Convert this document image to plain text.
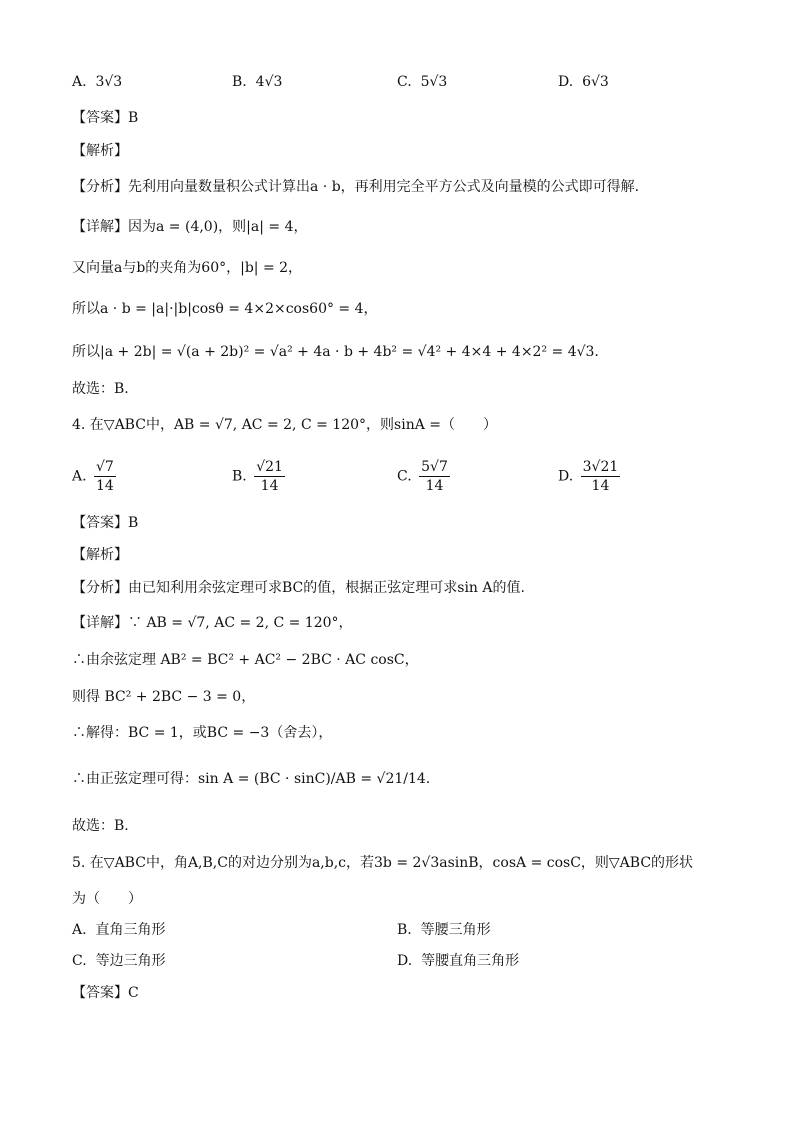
A. 3√3	B. 4√3	C. 5√3	D. 6√3
【答案】B
【解析】
【分析】先利用向量数量积公式计算出a · b，再利用完全平方公式及向量模的公式即可得解.
【详解】因为a = (4,0)，则|a| = 4，
又向量a与b的夹角为60°，|b| = 2，
所以a · b = |a|·|b|cosθ = 4×2×cos60° = 4，
所以|a + 2b| = √(a + 2b)² = √a² + 4a · b + 4b² = √4² + 4×4 + 4×2² = 4√3.
故选：B.
4. 在▽ABC中，AB = √7, AC = 2, C = 120°，则sinA =（　　）
A. $\frac{√7}{14}$	B. $\frac{√21}{14}$	C. $\frac{5√7}{14}$	D. $\frac{3√21}{14}$
【答案】B
【解析】
【分析】由已知利用余弦定理可求BC的值，根据正弦定理可求sin A的值.
【详解】∵ AB = √7, AC = 2, C = 120°，
∴由余弦定理 AB² = BC² + AC² − 2BC · AC cosC，
则得 BC² + 2BC − 3 = 0，
∴解得：BC = 1，或BC = −3（舍去），
∴由正弦定理可得：sin A = (BC · sinC)/AB = √21/14.
故选：B.
5. 在▽ABC中，角A,B,C的对边分别为a,b,c，若3b = 2√3asinB，cosA = cosC，则▽ABC的形状
为（　　）
A. 直角三角形	B. 等腰三角形
C. 等边三角形	D. 等腰直角三角形
【答案】C
